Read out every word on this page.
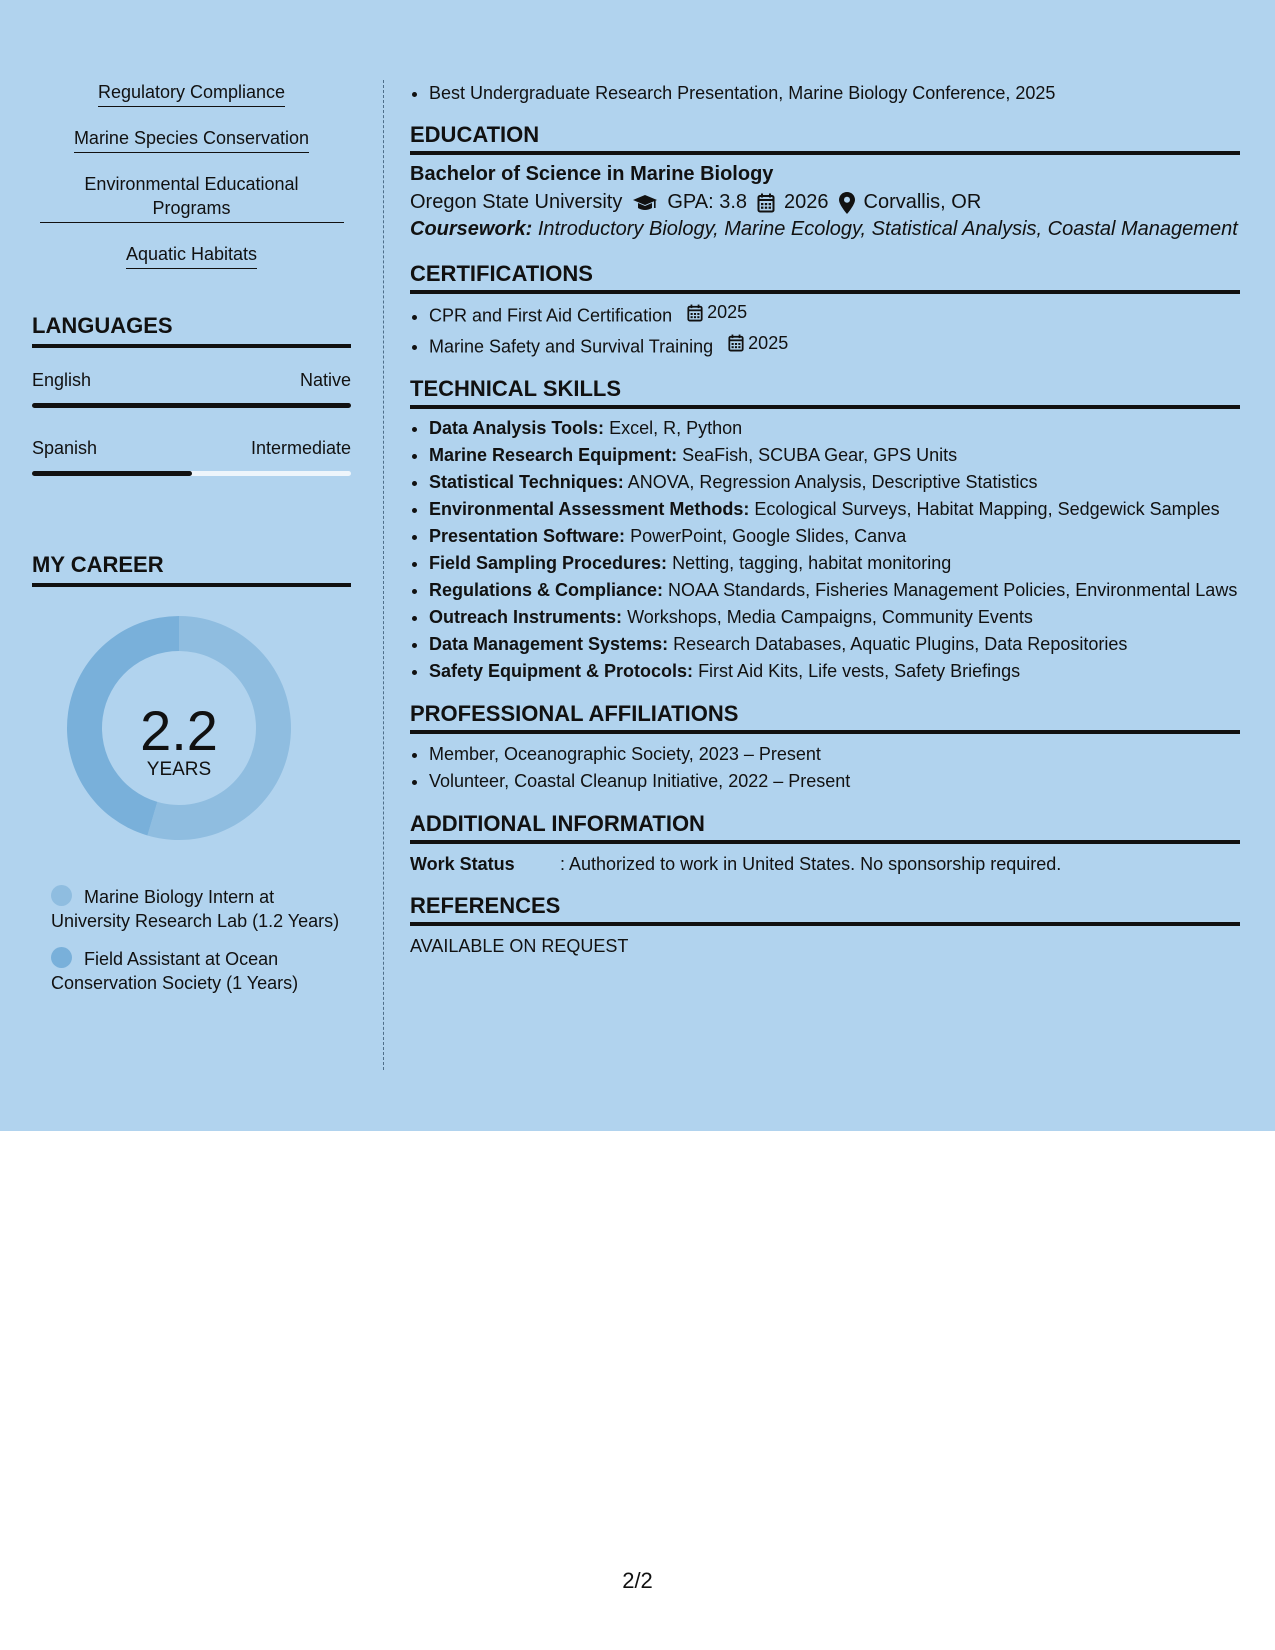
Regulatory Compliance
Marine Species Conservation
Environmental Educational Programs
Aquatic Habitats
LANGUAGES
English	Native
Spanish	Intermediate
MY CAREER
2.2
YEARS
Marine Biology Intern at University Research Lab (1.2 Years)
Field Assistant at Ocean Conservation Society (1 Years)
• Best Undergraduate Research Presentation, Marine Biology Conference, 2025
EDUCATION
Bachelor of Science in Marine Biology
Oregon State University GPA: 3.8 2026 Corvallis, OR
Coursework: Introductory Biology, Marine Ecology, Statistical Analysis, Coastal Management
CERTIFICATIONS
• CPR and First Aid Certification 2025
• Marine Safety and Survival Training 2025
TECHNICAL SKILLS
• Data Analysis Tools: Excel, R, Python
• Marine Research Equipment: SeaFish, SCUBA Gear, GPS Units
• Statistical Techniques: ANOVA, Regression Analysis, Descriptive Statistics
• Environmental Assessment Methods: Ecological Surveys, Habitat Mapping, Sedgewick Samples
• Presentation Software: PowerPoint, Google Slides, Canva
• Field Sampling Procedures: Netting, tagging, habitat monitoring
• Regulations & Compliance: NOAA Standards, Fisheries Management Policies, Environmental Laws
• Outreach Instruments: Workshops, Media Campaigns, Community Events
• Data Management Systems: Research Databases, Aquatic Plugins, Data Repositories
• Safety Equipment & Protocols: First Aid Kits, Life vests, Safety Briefings
PROFESSIONAL AFFILIATIONS
• Member, Oceanographic Society, 2023 – Present
• Volunteer, Coastal Cleanup Initiative, 2022 – Present
ADDITIONAL INFORMATION
Work Status	: Authorized to work in United States. No sponsorship required.
REFERENCES
AVAILABLE ON REQUEST
2/2
